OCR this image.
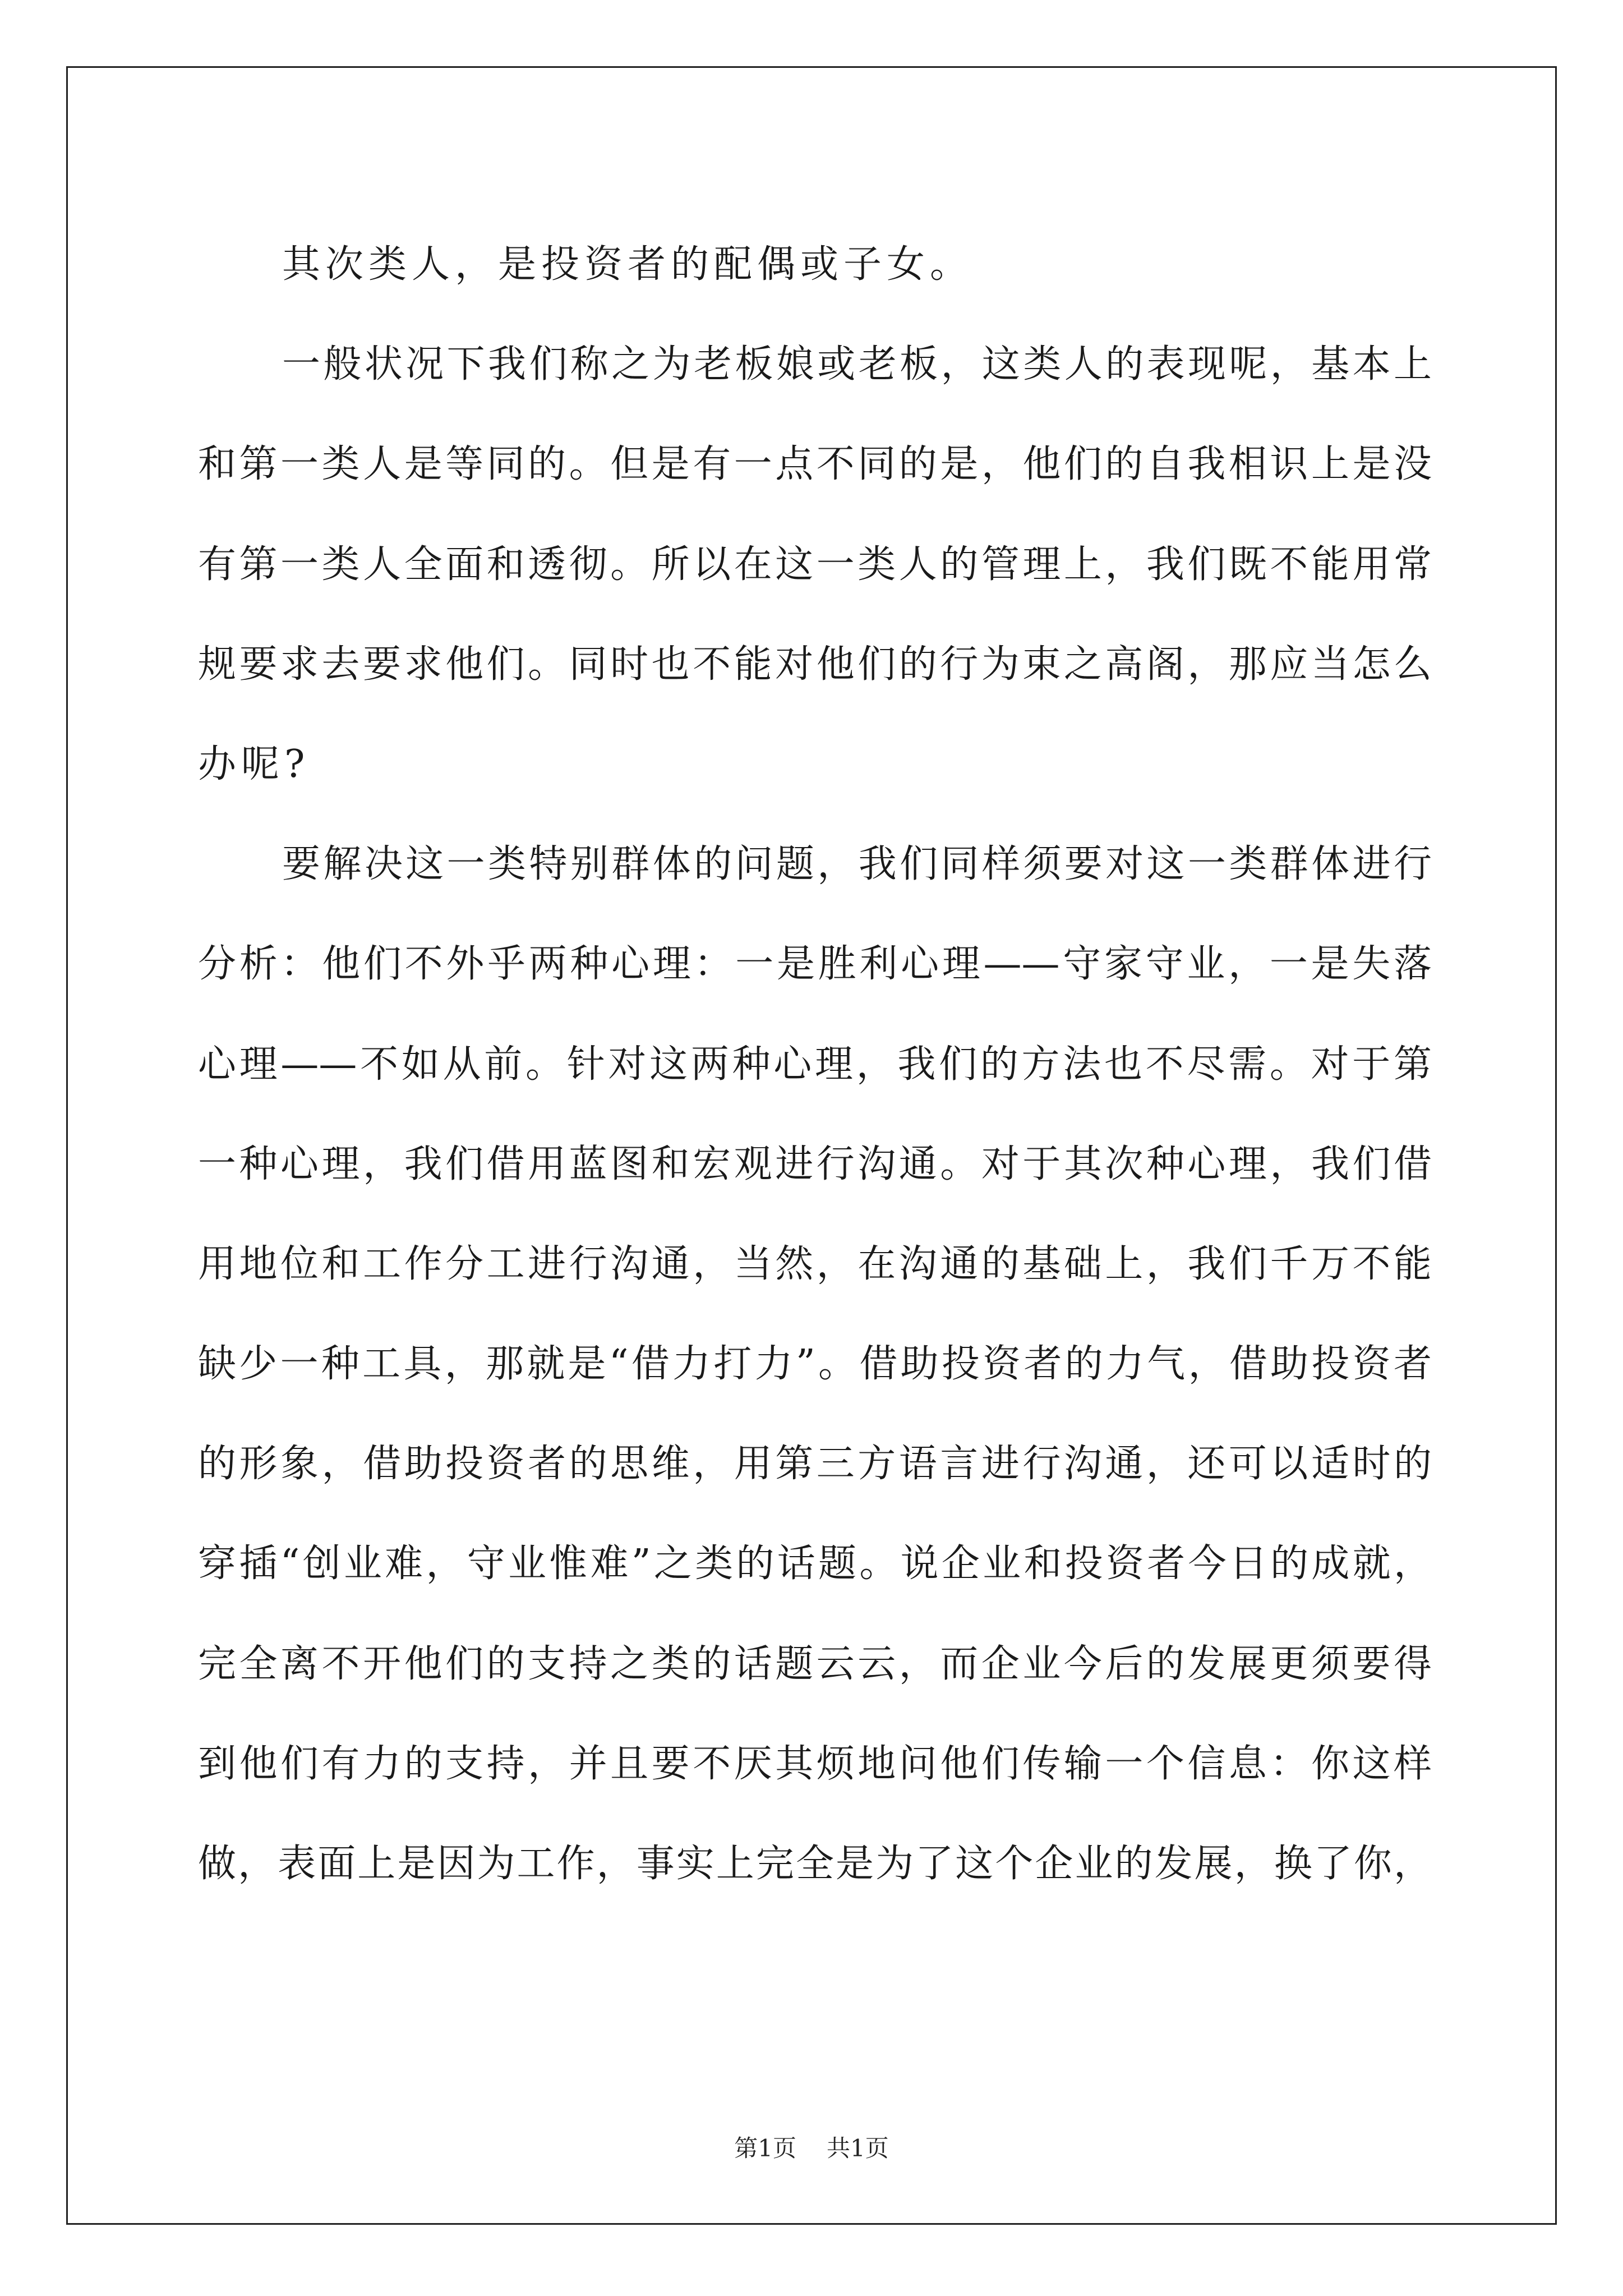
其次类人，是投资者的配偶或子女。
一般状况下我们称之为老板娘或老板，这类人的表现呢，基本上
和第一类人是等同的。但是有一点不同的是，他们的自我相识上是没
有第一类人全面和透彻。所以在这一类人的管理上，我们既不能用常
规要求去要求他们。同时也不能对他们的行为束之高阁，那应当怎么
办呢?
要解决这一类特别群体的问题，我们同样须要对这一类群体进行
分析：他们不外乎两种心理：一是胜利心理——守家守业，一是失落
心理——不如从前。针对这两种心理，我们的方法也不尽需。对于第
一种心理，我们借用蓝图和宏观进行沟通。对于其次种心理，我们借
用地位和工作分工进行沟通，当然，在沟通的基础上，我们千万不能
缺少一种工具，那就是“借力打力”。借助投资者的力气，借助投资者
的形象，借助投资者的思维，用第三方语言进行沟通，还可以适时的
穿插“创业难，守业惟难”之类的话题。说企业和投资者今日的成就，
完全离不开他们的支持之类的话题云云，而企业今后的发展更须要得
到他们有力的支持，并且要不厌其烦地问他们传输一个信息：你这样
做，表面上是因为工作，事实上完全是为了这个企业的发展，换了你，
第1页 共1页
